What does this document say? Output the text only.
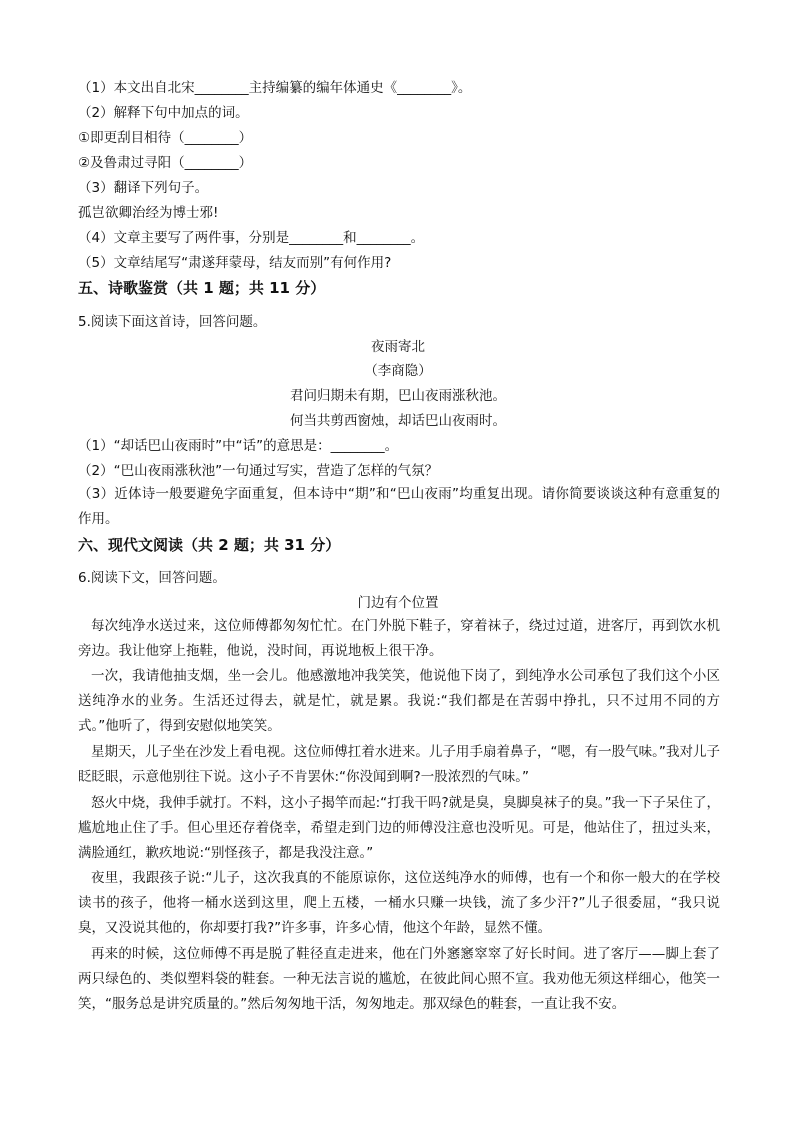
（1）本文出自北宋________主持编纂的编年体通史《________》。
（2）解释下句中加点的词。
①即更刮目相待（________）
②及鲁肃过寻阳（________）
（3）翻译下列句子。
孤岂欲卿治经为博士邪!
（4）文章主要写了两件事，分别是________和________。
（5）文章结尾写“肃遂拜蒙母，结友而别”有何作用?
五、诗歌鉴赏（共 1 题；共 11 分）
5.阅读下面这首诗，回答问题。
夜雨寄北
（李商隐）
君问归期未有期，巴山夜雨涨秋池。
何当共剪西窗烛，却话巴山夜雨时。
（1）“却话巴山夜雨时”中“话”的意思是：________。
（2）“巴山夜雨涨秋池”一句通过写实，营造了怎样的气氛？
（3）近体诗一般要避免字面重复，但本诗中“期”和“巴山夜雨”均重复出现。请你简要谈谈这种有意重复的作用。
六、现代文阅读（共 2 题；共 31 分）
6.阅读下文，回答问题。
门边有个位置
每次纯净水送过来，这位师傅都匆匆忙忙。在门外脱下鞋子，穿着袜子，绕过过道，进客厅，再到饮水机旁边。我让他穿上拖鞋，他说，没时间，再说地板上很干净。
一次，我请他抽支烟，坐一会儿。他感激地冲我笑笑，他说他下岗了，到纯净水公司承包了我们这个小区送纯净水的业务。生活还过得去，就是忙，就是累。我说:“我们都是在苦弱中挣扎，只不过用不同的方式。”他听了，得到安慰似地笑笑。
星期天，儿子坐在沙发上看电视。这位师傅扛着水进来。儿子用手扇着鼻子，“嗯，有一股气味。”我对儿子眨眨眼，示意他别往下说。这小子不肯罢休:“你没闻到啊?一股浓烈的气味。”
怒火中烧，我伸手就打。不料，这小子揭竿而起:“打我干吗?就是臭，臭脚臭袜子的臭。”我一下子呆住了，尴尬地止住了手。但心里还存着侥幸，希望走到门边的师傅没注意也没听见。可是，他站住了，扭过头来，满脸通红，歉疚地说:“别怪孩子，都是我没注意。”
夜里，我跟孩子说:“儿子，这次我真的不能原谅你，这位送纯净水的师傅，也有一个和你一般大的在学校读书的孩子，他将一桶水送到这里，爬上五楼，一桶水只赚一块钱，流了多少汗?”儿子很委屈，“我只说臭，又没说其他的，你却要打我?”许多事，许多心情，他这个年龄，显然不懂。
再来的时候，这位师傅不再是脱了鞋径直走进来，他在门外窸窸窣窣了好长时间。进了客厅——脚上套了两只绿色的、类似塑料袋的鞋套。一种无法言说的尴尬，在彼此间心照不宣。我劝他无须这样细心，他笑一笑，“服务总是讲究质量的。”然后匆匆地干活，匆匆地走。那双绿色的鞋套，一直让我不安。
